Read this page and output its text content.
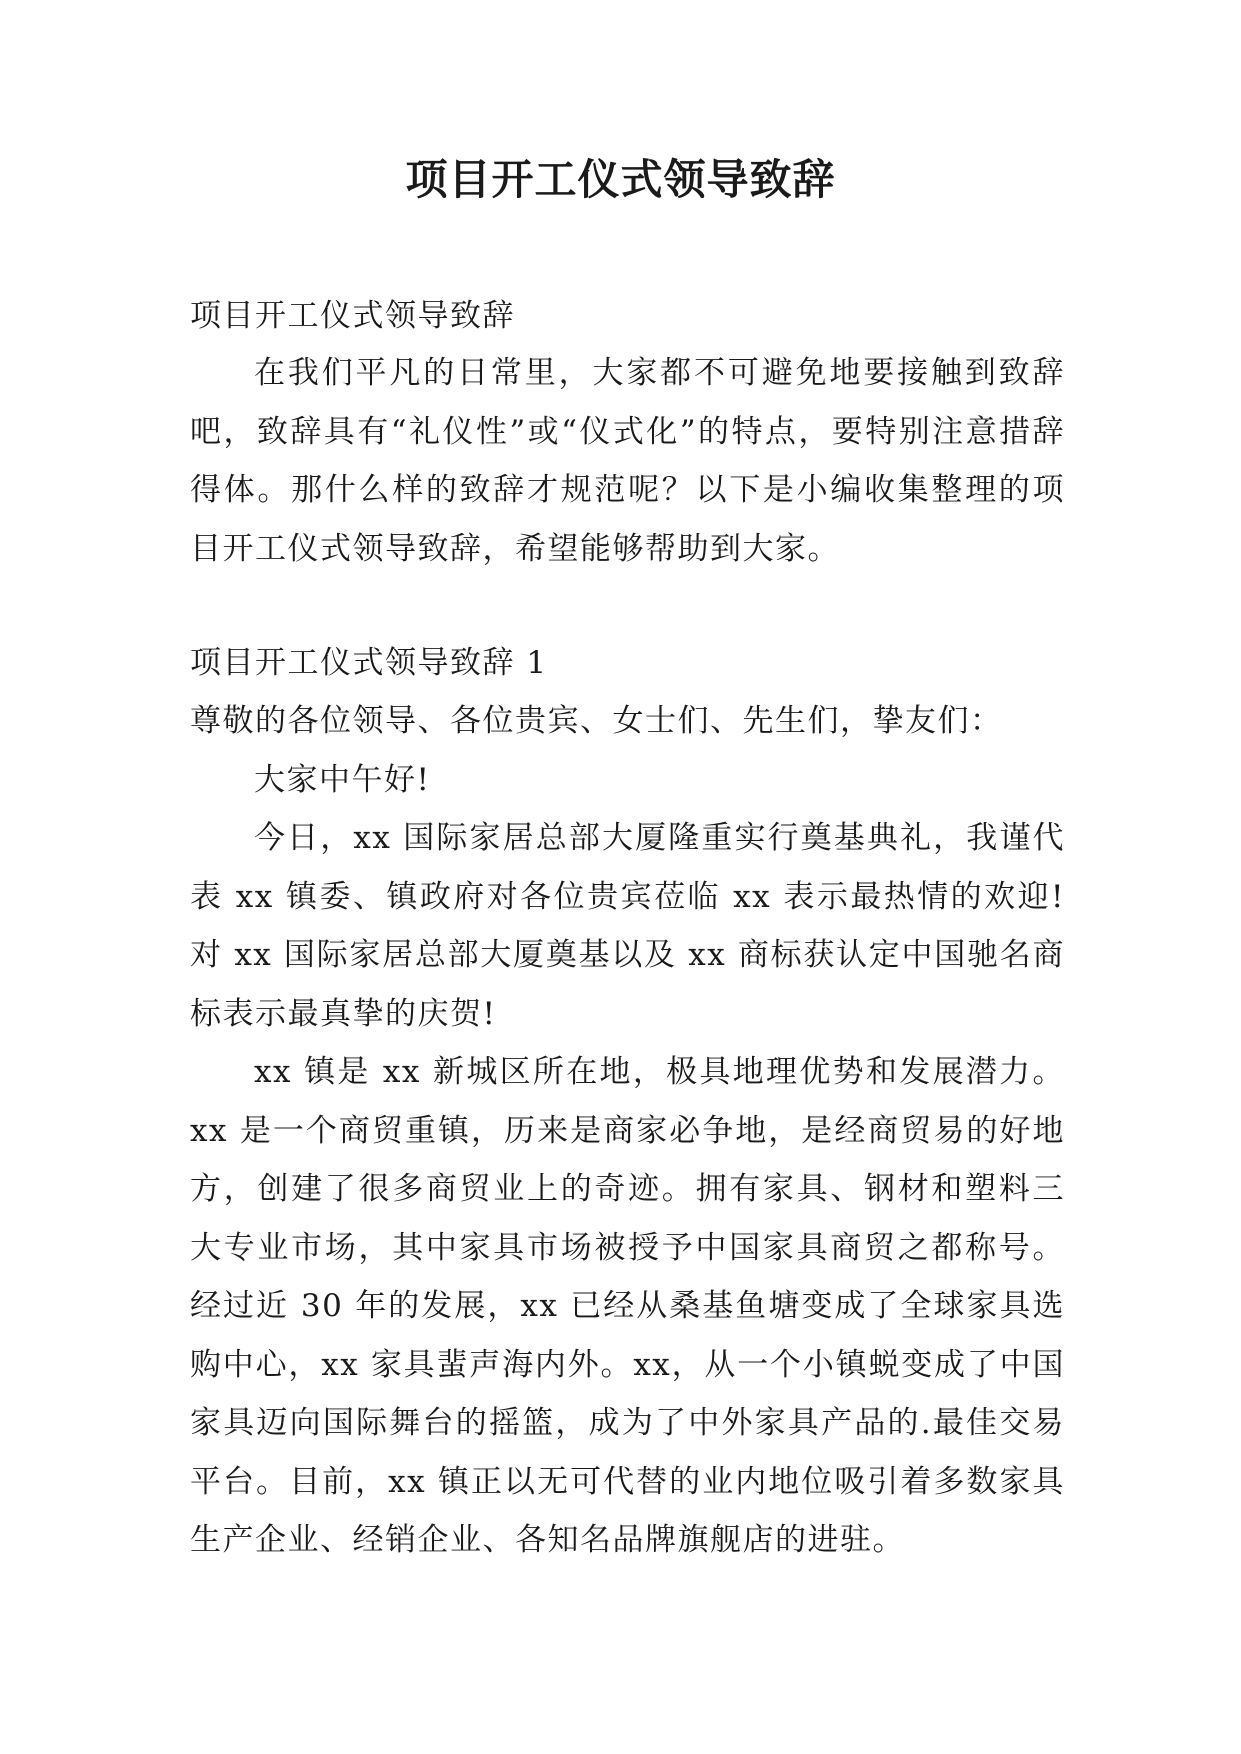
项目开工仪式领导致辞

项目开工仪式领导致辞

在我们平凡的日常里，大家都不可避免地要接触到致辞吧，致辞具有“礼仪性”或“仪式化”的特点，要特别注意措辞得体。那什么样的致辞才规范呢？以下是小编收集整理的项目开工仪式领导致辞，希望能够帮助到大家。

项目开工仪式领导致辞 1

尊敬的各位领导、各位贵宾、女士们、先生们，挚友们：

大家中午好!

今日，xx 国际家居总部大厦隆重实行奠基典礼，我谨代表 xx 镇委、镇政府对各位贵宾莅临 xx 表示最热情的欢迎!对 xx 国际家居总部大厦奠基以及 xx 商标获认定中国驰名商标表示最真挚的庆贺!

xx 镇是 xx 新城区所在地，极具地理优势和发展潜力。xx 是一个商贸重镇，历来是商家必争地，是经商贸易的好地方，创建了很多商贸业上的奇迹。拥有家具、钢材和塑料三大专业市场，其中家具市场被授予中国家具商贸之都称号。经过近 30 年的发展，xx 已经从桑基鱼塘变成了全球家具选购中心，xx 家具蜚声海内外。xx，从一个小镇蜕变成了中国家具迈向国际舞台的摇篮，成为了中外家具产品的.最佳交易平台。目前，xx 镇正以无可代替的业内地位吸引着多数家具生产企业、经销企业、各知名品牌旗舰店的进驻。
